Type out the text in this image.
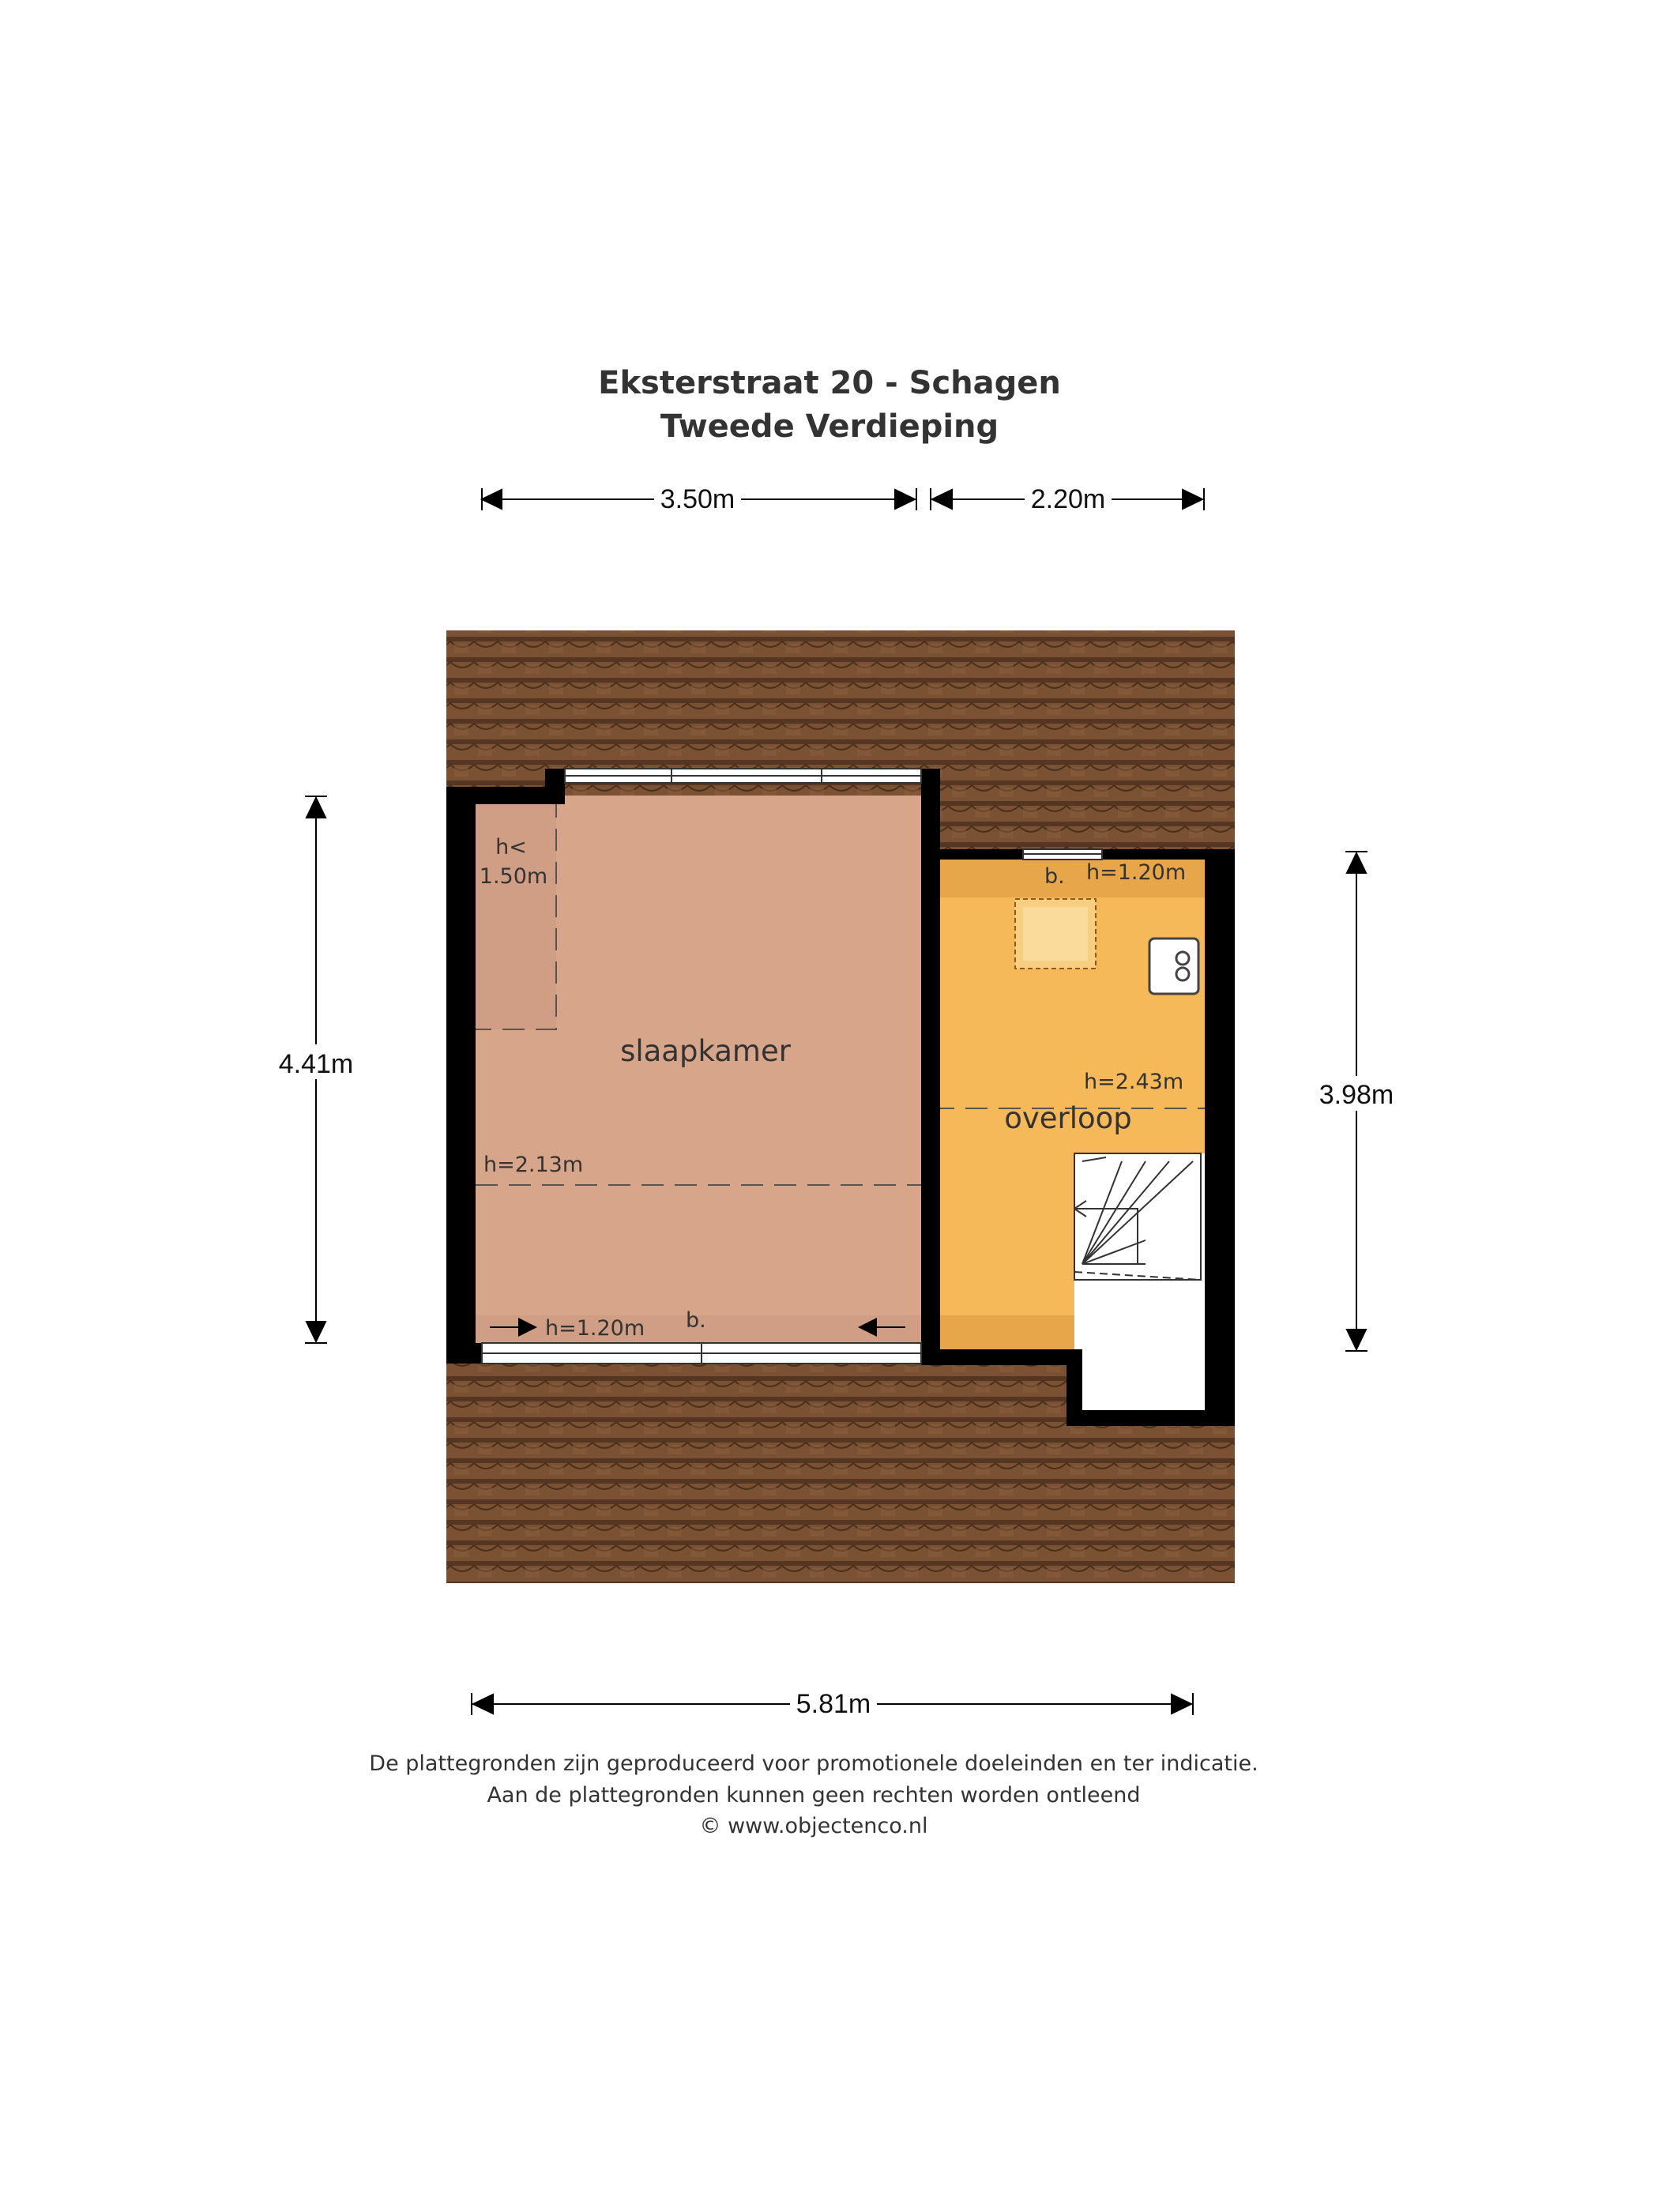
Eksterstraat 20 - Schagen
Tweede Verdieping
3.50m	2.20m
4.41m
3.98m
5.81m
slaapkamer
overloop
h<
1.50m
h=2.13m
h=1.20m b.
h=1.20m
b.
h=2.43m
De plattegronden zijn geproduceerd voor promotionele doeleinden en ter indicatie.
Aan de plattegronden kunnen geen rechten worden ontleend
© www.objectenco.nl
